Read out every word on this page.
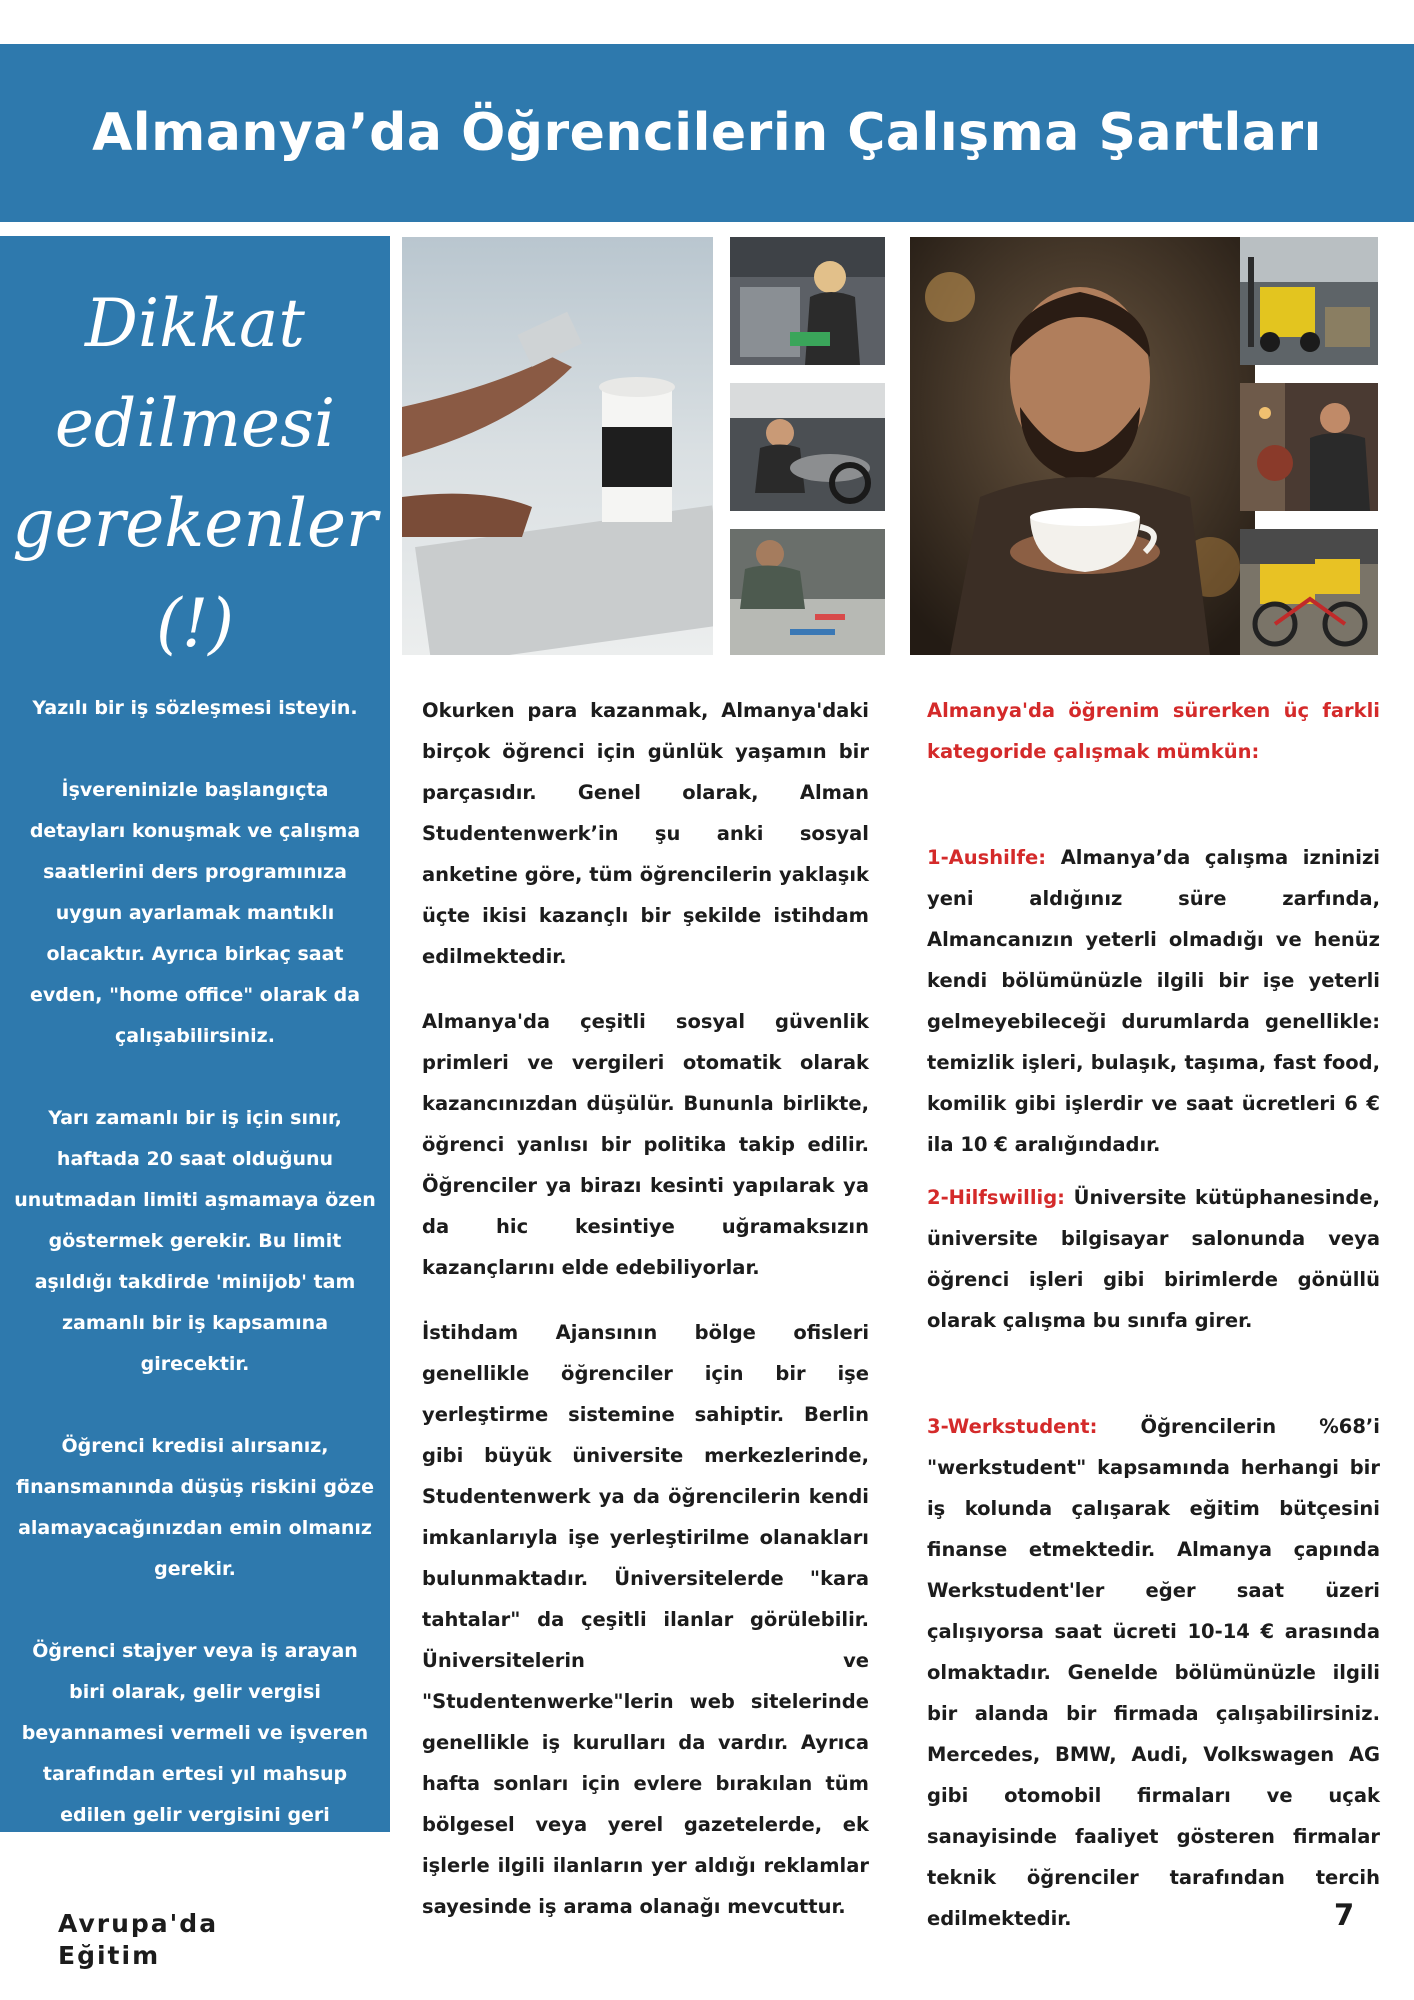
Almanya’da Öğrencilerin Çalışma Şartları
Dikkat
edilmesi
gerekenler
(!)

Yazılı bir iş sözleşmesi isteyin.

İşvereninizle başlangıçta detayları konuşmak ve çalışma saatlerini ders programınıza uygun ayarlamak mantıklı olacaktır. Ayrıca birkaç saat evden, "home office" olarak da çalışabilirsiniz.

Yarı zamanlı bir iş için sınır, haftada 20 saat olduğunu unutmadan limiti aşmamaya özen göstermek gerekir. Bu limit aşıldığı takdirde 'minijob' tam zamanlı bir iş kapsamına girecektir.

Öğrenci kredisi alırsanız, finansmanında düşüş riskini göze alamayacağınızdan emin olmanız gerekir.

Öğrenci stajyer veya iş arayan biri olarak, gelir vergisi beyannamesi vermeli ve işveren tarafından ertesi yıl mahsup edilen gelir vergisini geri almalısınız.

Okurken para kazanmak, Almanya'daki birçok öğrenci için günlük yaşamın bir parçasıdır. Genel olarak, Alman Studentenwerk’in şu anki sosyal anketine göre, tüm öğrencilerin yaklaşık üçte ikisi kazançlı bir şekilde istihdam edilmektedir.

Almanya'da çeşitli sosyal güvenlik primleri ve vergileri otomatik olarak kazancınızdan düşülür. Bununla birlikte, öğrenci yanlısı bir politika takip edilir. Öğrenciler ya birazı kesinti yapılarak ya da hic kesintiye uğramaksızın kazançlarını elde edebiliyorlar.

İstihdam Ajansının bölge ofisleri genellikle öğrenciler için bir işe yerleştirme sistemine sahiptir. Berlin gibi büyük üniversite merkezlerinde, Studentenwerk ya da öğrencilerin kendi imkanlarıyla işe yerleştirilme olanakları bulunmaktadır. Üniversitelerde "kara tahtalar" da çeşitli ilanlar görülebilir. Üniversitelerin ve "Studentenwerke"lerin web sitelerinde genellikle iş kurulları da vardır. Ayrıca hafta sonları için evlere bırakılan tüm bölgesel veya yerel gazetelerde, ek işlerle ilgili ilanların yer aldığı reklamlar sayesinde iş arama olanağı mevcuttur.

Almanya'da öğrenim sürerken üç farkli kategoride çalışmak mümkün:

1-Aushilfe: Almanya’da çalışma izninizi yeni aldığınız süre zarfında, Almancanızın yeterli olmadığı ve henüz kendi bölümünüzle ilgili bir işe yeterli gelmeyebileceği durumlarda genellikle: temizlik işleri, bulaşık, taşıma, fast food, komilik gibi işlerdir ve saat ücretleri 6 € ila 10 € aralığındadır.

2-Hilfswillig: Üniversite kütüphanesinde, üniversite bilgisayar salonunda veya öğrenci işleri gibi birimlerde gönüllü olarak çalışma bu sınıfa girer.

3-Werkstudent: Öğrencilerin %68’i "werkstudent" kapsamında herhangi bir iş kolunda çalışarak eğitim bütçesini finanse etmektedir. Almanya çapında Werkstudent'ler eğer saat üzeri çalışıyorsa saat ücreti 10-14 € arasında olmaktadır. Genelde bölümünüzle ilgili bir alanda bir firmada çalışabilirsiniz. Mercedes, BMW, Audi, Volkswagen AG gibi otomobil firmaları ve uçak sanayisinde faaliyet gösteren firmalar teknik öğrenciler tarafından tercih edilmektedir.

Avrupa'da
Eğitim
7
